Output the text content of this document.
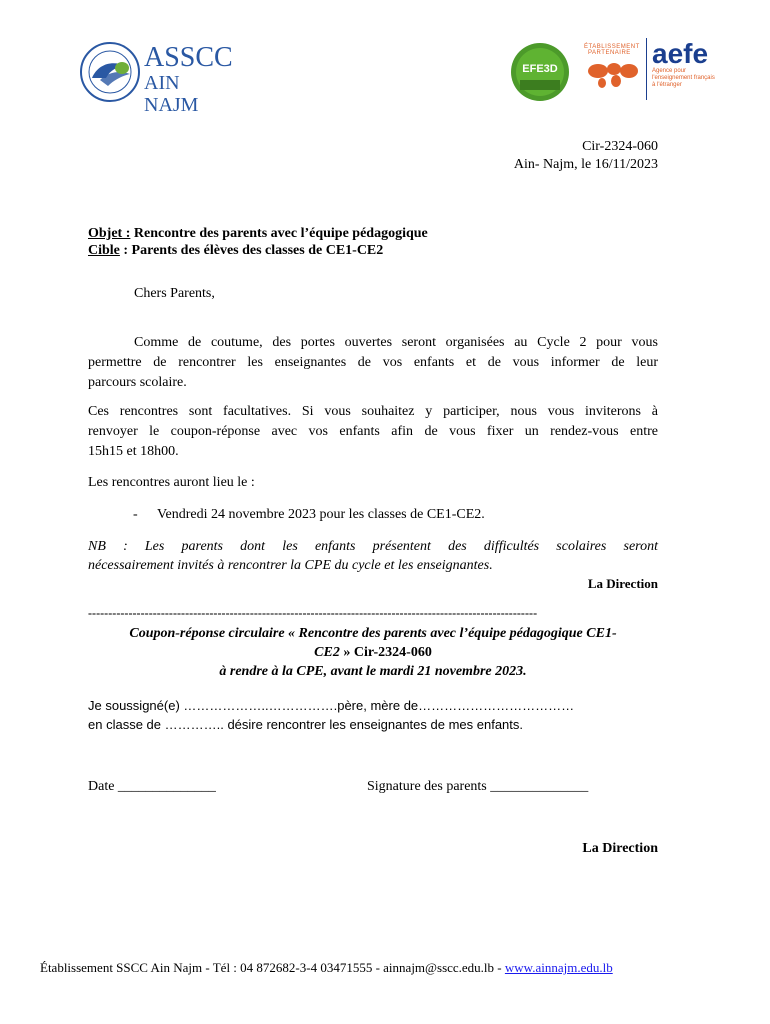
ASSCC
AIN NAJM
EFE3D
ÉTABLISSEMENT
PARTENAIRE aefe
Agence pour
l'enseignement français
à l'étranger
Cir-2324-060
Ain- Najm, le 16/11/2023
Objet : Rencontre des parents avec l’équipe pédagogique
Cible : Parents des élèves des classes de CE1-CE2
Chers Parents,
Comme de coutume, des portes ouvertes seront organisées au Cycle 2 pour vous
permettre de rencontrer les enseignantes de vos enfants et de vous informer de leur
parcours scolaire.
Ces rencontres sont facultatives. Si vous souhaitez y participer, nous vous inviterons à
renvoyer le coupon-réponse avec vos enfants afin de vous fixer un rendez-vous entre
15h15 et 18h00.
Les rencontres auront lieu le :
- Vendredi 24 novembre 2023 pour les classes de CE1-CE2.
NB : Les parents dont les enfants présentent des difficultés scolaires seront
nécessairement invités à rencontrer la CPE du cycle et les enseignantes.
La Direction
---------------------------------------------------------------------------------------------------------------
Coupon-réponse circulaire « Rencontre des parents avec l’équipe pédagogique CE1-
CE2 » Cir-2324-060
à rendre à la CPE, avant le mardi 21 novembre 2023.
Je soussigné(e) ………………..…………….père, mère de………………………………
en classe de ………….. désire rencontrer les enseignantes de mes enfants.
Date ______________	Signature des parents ______________
La Direction
Établissement SSCC Ain Najm - Tél : 04 872682-3-4 03471555 - ainnajm@sscc.edu.lb - www.ainnajm.edu.lb
